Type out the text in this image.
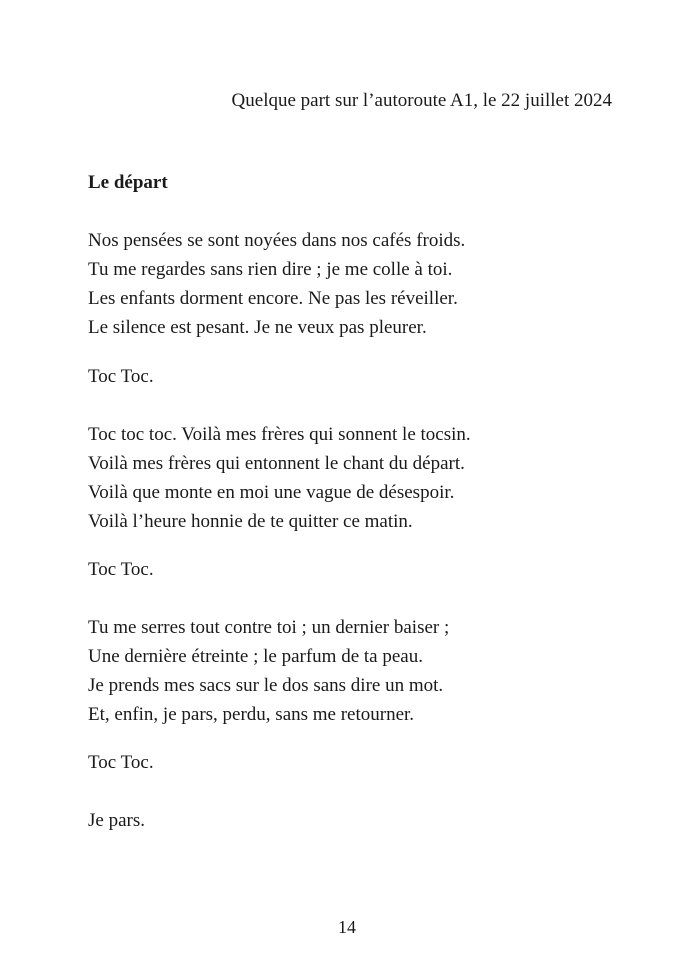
Quelque part sur l’autoroute A1, le 22 juillet 2024
Le départ
Nos pensées se sont noyées dans nos cafés froids.
Tu me regardes sans rien dire ; je me colle à toi.
Les enfants dorment encore. Ne pas les réveiller.
Le silence est pesant. Je ne veux pas pleurer.
Toc Toc.
Toc toc toc. Voilà mes frères qui sonnent le tocsin.
Voilà mes frères qui entonnent le chant du départ.
Voilà que monte en moi une vague de désespoir.
Voilà l’heure honnie de te quitter ce matin.
Toc Toc.
Tu me serres tout contre toi ; un dernier baiser ;
Une dernière étreinte ; le parfum de ta peau.
Je prends mes sacs sur le dos sans dire un mot.
Et, enfin, je pars, perdu, sans me retourner.
Toc Toc.
Je pars.
14
